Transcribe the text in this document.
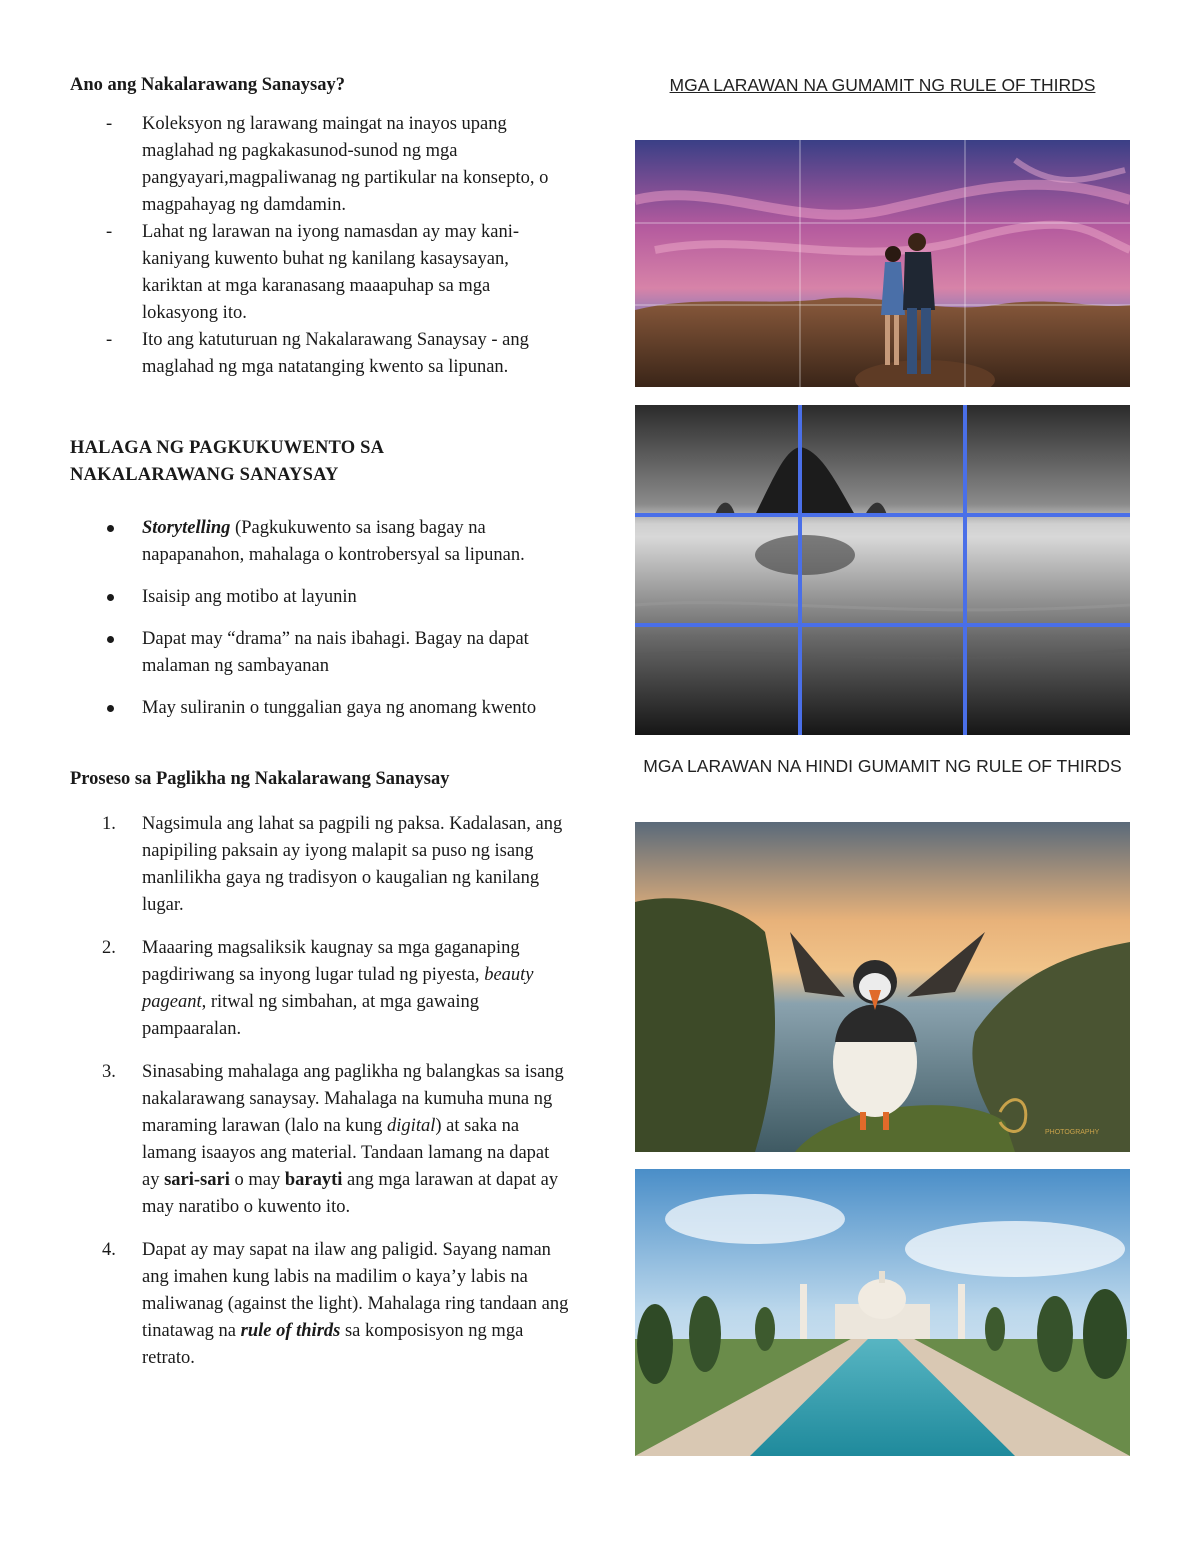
Ano ang Nakalarawang Sanaysay?

- Koleksyon ng larawang maingat na inayos upang maglahad ng pagkakasunod-sunod ng mga pangyayari,magpaliwanag ng partikular na konsepto, o magpahayag ng damdamin.
- Lahat ng larawan na iyong namasdan ay may kani-kaniyang kuwento buhat ng kanilang kasaysayan, kariktan at mga karanasang maaapuhap sa mga lokasyong ito.
- Ito ang katuturuan ng Nakalarawang Sanaysay - ang maglahad ng mga natatanging kwento sa lipunan.

HALAGA NG PAGKUKUWENTO SA
NAKALARAWANG SANAYSAY

Storytelling (Pagkukuwento sa isang bagay na napapanahon, mahalaga o kontrobersyal sa lipunan.
Isaisip ang motibo at layunin
Dapat may “drama” na nais ibahagi. Bagay na dapat malaman ng sambayanan
May suliranin o tunggalian gaya ng anomang kwento

Proseso sa Paglikha ng Nakalarawang Sanaysay

1. Nagsimula ang lahat sa pagpili ng paksa. Kadalasan, ang napipiling paksain ay iyong malapit sa puso ng isang manlilikha gaya ng tradisyon o kaugalian ng kanilang lugar.
2. Maaaring magsaliksik kaugnay sa mga gaganaping pagdiriwang sa inyong lugar tulad ng piyesta, beauty pageant, ritwal ng simbahan, at mga gawaing pampaaralan.
3. Sinasabing mahalaga ang paglikha ng balangkas sa isang nakalarawang sanaysay. Mahalaga na kumuha muna ng maraming larawan (lalo na kung digital) at saka na lamang isaayos ang material. Tandaan lamang na dapat ay sari-sari o may barayti ang mga larawan at dapat ay may naratibo o kuwento ito.
4. Dapat ay may sapat na ilaw ang paligid. Sayang naman ang imahen kung labis na madilim o kaya’y labis na maliwanag (against the light). Mahalaga ring tandaan ang tinatawag na rule of thirds sa komposisyon ng mga retrato.

MGA LARAWAN NA GUMAMIT NG RULE OF THIRDS

MGA LARAWAN NA HINDI GUMAMIT NG RULE OF THIRDS

PHOTOGRAPHY
